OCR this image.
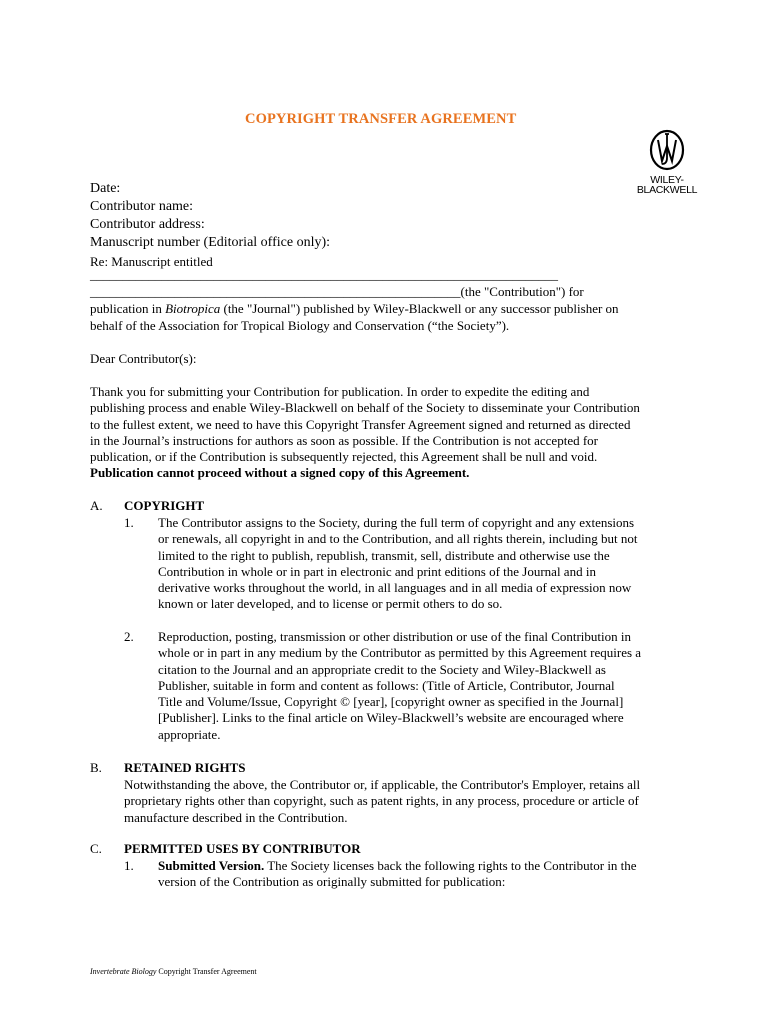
COPYRIGHT TRANSFER AGREEMENT
WILEY-
BLACKWELL
Date:
Contributor name:
Contributor address:
Manuscript number (Editorial office only):
Re: Manuscript entitled
________________________________________________________________________
_________________________________________________________(the "Contribution") for
publication in Biotropica (the "Journal") published by Wiley-Blackwell or any successor publisher on
behalf of the Association for Tropical Biology and Conservation (“the Society”).
Dear Contributor(s):
Thank you for submitting your Contribution for publication. In order to expedite the editing and
publishing process and enable Wiley-Blackwell on behalf of the Society to disseminate your Contribution
to the fullest extent, we need to have this Copyright Transfer Agreement signed and returned as directed
in the Journal’s instructions for authors as soon as possible. If the Contribution is not accepted for
publication, or if the Contribution is subsequently rejected, this Agreement shall be null and void.
Publication cannot proceed without a signed copy of this Agreement.
A. COPYRIGHT
1. The Contributor assigns to the Society, during the full term of copyright and any extensions
or renewals, all copyright in and to the Contribution, and all rights therein, including but not
limited to the right to publish, republish, transmit, sell, distribute and otherwise use the
Contribution in whole or in part in electronic and print editions of the Journal and in
derivative works throughout the world, in all languages and in all media of expression now
known or later developed, and to license or permit others to do so.
2. Reproduction, posting, transmission or other distribution or use of the final Contribution in
whole or in part in any medium by the Contributor as permitted by this Agreement requires a
citation to the Journal and an appropriate credit to the Society and Wiley-Blackwell as
Publisher, suitable in form and content as follows: (Title of Article, Contributor, Journal
Title and Volume/Issue, Copyright © [year], [copyright owner as specified in the Journal]
[Publisher]. Links to the final article on Wiley-Blackwell’s website are encouraged where
appropriate.
B. RETAINED RIGHTS
Notwithstanding the above, the Contributor or, if applicable, the Contributor's Employer, retains all
proprietary rights other than copyright, such as patent rights, in any process, procedure or article of
manufacture described in the Contribution.
C. PERMITTED USES BY CONTRIBUTOR
1. Submitted Version. The Society licenses back the following rights to the Contributor in the
version of the Contribution as originally submitted for publication:
Invertebrate Biology Copyright Transfer Agreement
